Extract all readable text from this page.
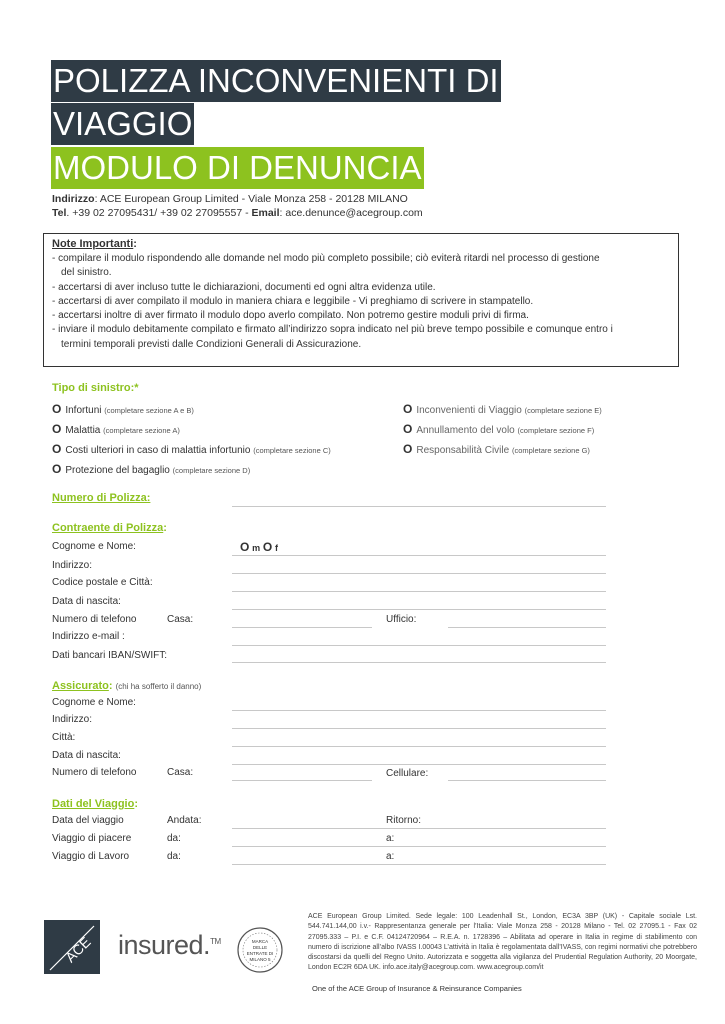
POLIZZA INCONVENIENTI DI
VIAGGIO
MODULO DI DENUNCIA
Indirizzo: ACE European Group Limited - Viale Monza 258 - 20128 MILANO
Tel. +39 02 27095431/ +39 02 27095557 - Email: ace.denunce@acegroup.com
Note Importanti:
- compilare il modulo rispondendo alle domande nel modo più completo possibile; ciò eviterà ritardi nel processo di gestione
del sinistro.
- accertarsi di aver incluso tutte le dichiarazioni, documenti ed ogni altra evidenza utile.
- accertarsi di aver compilato il modulo in maniera chiara e leggibile - Vi preghiamo di scrivere in stampatello.
- accertarsi inoltre di aver firmato il modulo dopo averlo compilato. Non potremo gestire moduli privi di firma.
- inviare il modulo debitamente compilato e firmato all’indirizzo sopra indicato nel più breve tempo possibile e comunque entro i
termini temporali previsti dalle Condizioni Generali di Assicurazione.
Tipo di sinistro:*
O Infortuni (completare sezione A e B)
O Malattia (completare sezione A)
O Costi ulteriori in caso di malattia infortunio (completare sezione C)
O Protezione del bagaglio (completare sezione D)
O Inconvenienti di Viaggio (completare sezione E)
O Annullamento del volo (completare sezione F)
O Responsabilità Civile (completare sezione G)
Numero di Polizza:
Contraente di Polizza:
Cognome e Nome:	O m O f
Indirizzo:
Codice postale e Città:
Data di nascita:
Numero di telefono	Casa:	Ufficio:
Indirizzo e-mail :
Dati bancari IBAN/SWIFT:
Assicurato: (chi ha sofferto il danno)
Cognome e Nome:
Indirizzo:
Città:
Data di nascita:
Numero di telefono	Casa:	Cellulare:
Dati del Viaggio:
Data del viaggio	Andata:	Ritorno:
Viaggio di piacere	da:	a:
Viaggio di Lavoro	da:	a:
ACE insured.™	MARCA
DELLE
ENTRATE DI
MILANO 5
ACE European Group Limited. Sede legale: 100 Leadenhall St., London, EC3A 3BP (UK) - Capitale sociale Lst. 544.741.144,00 i.v.- Rappresentanza generale per l’Italia: Viale Monza 258 - 20128 Milano - Tel. 02 27095.1 - Fax 02 27095.333 – P.I. e C.F. 04124720964 – R.E.A. n. 1728396 – Abilitata ad operare in Italia in regime di stabilimento con numero di iscrizione all’albo IVASS I.00043 L’attività in Italia è regolamentata dall’IVASS, con regimi normativi che potrebbero discostarsi da quelli del Regno Unito. Autorizzata e soggetta alla vigilanza del Prudential Regulation Authority, 20 Moorgate, London EC2R 6DA UK. info.ace.italy@acegroup.com. www.acegroup.com/it
One of the ACE Group of Insurance & Reinsurance Companies
